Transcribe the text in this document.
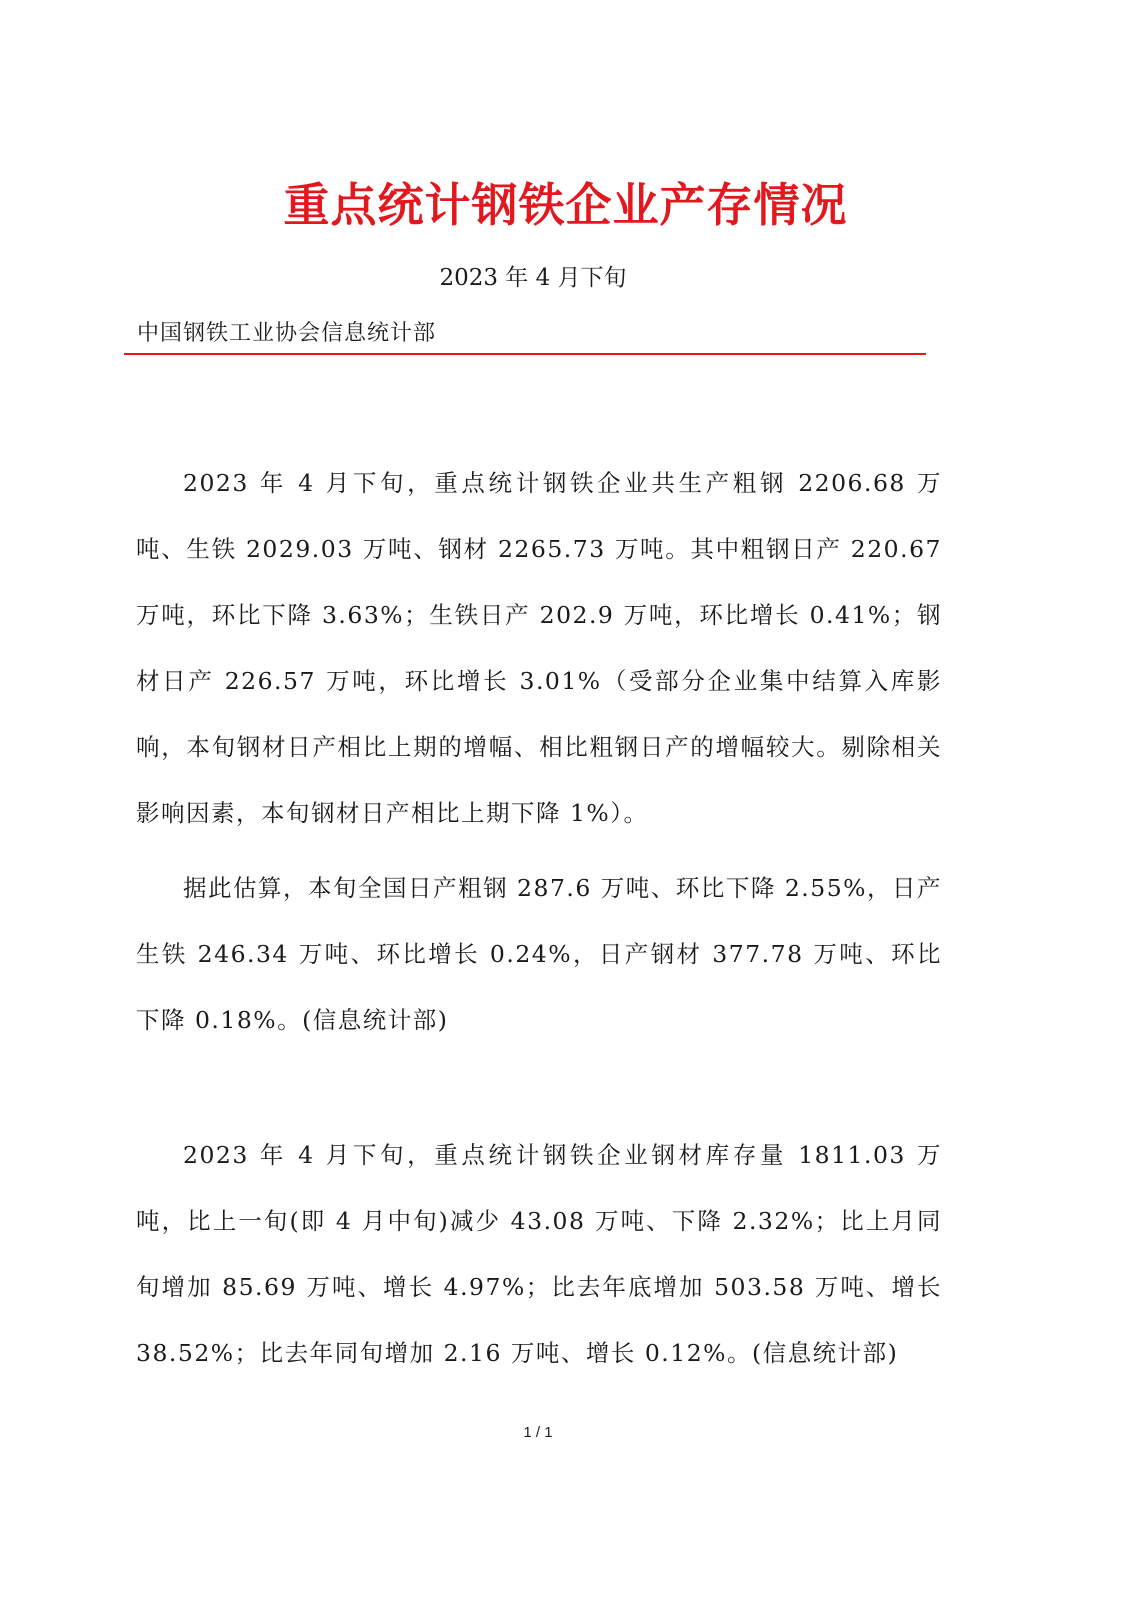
重点统计钢铁企业产存情况
2023 年 4 月下旬
中国钢铁工业协会信息统计部

2023 年 4 月下旬，重点统计钢铁企业共生产粗钢 2206.68 万吨、生铁 2029.03 万吨、钢材 2265.73 万吨。其中粗钢日产 220.67 万吨，环比下降 3.63%；生铁日产 202.9 万吨，环比增长 0.41%；钢材日产 226.57 万吨，环比增长 3.01%（受部分企业集中结算入库影响，本旬钢材日产相比上期的增幅、相比粗钢日产的增幅较大。剔除相关影响因素，本旬钢材日产相比上期下降 1%）。

据此估算，本旬全国日产粗钢 287.6 万吨、环比下降 2.55%，日产生铁 246.34 万吨、环比增长 0.24%，日产钢材 377.78 万吨、环比下降 0.18%。(信息统计部)

2023 年 4 月下旬，重点统计钢铁企业钢材库存量 1811.03 万吨，比上一旬(即 4 月中旬)减少 43.08 万吨、下降 2.32%；比上月同旬增加 85.69 万吨、增长 4.97%；比去年底增加 503.58 万吨、增长 38.52%；比去年同旬增加 2.16 万吨、增长 0.12%。(信息统计部)

1 / 1
